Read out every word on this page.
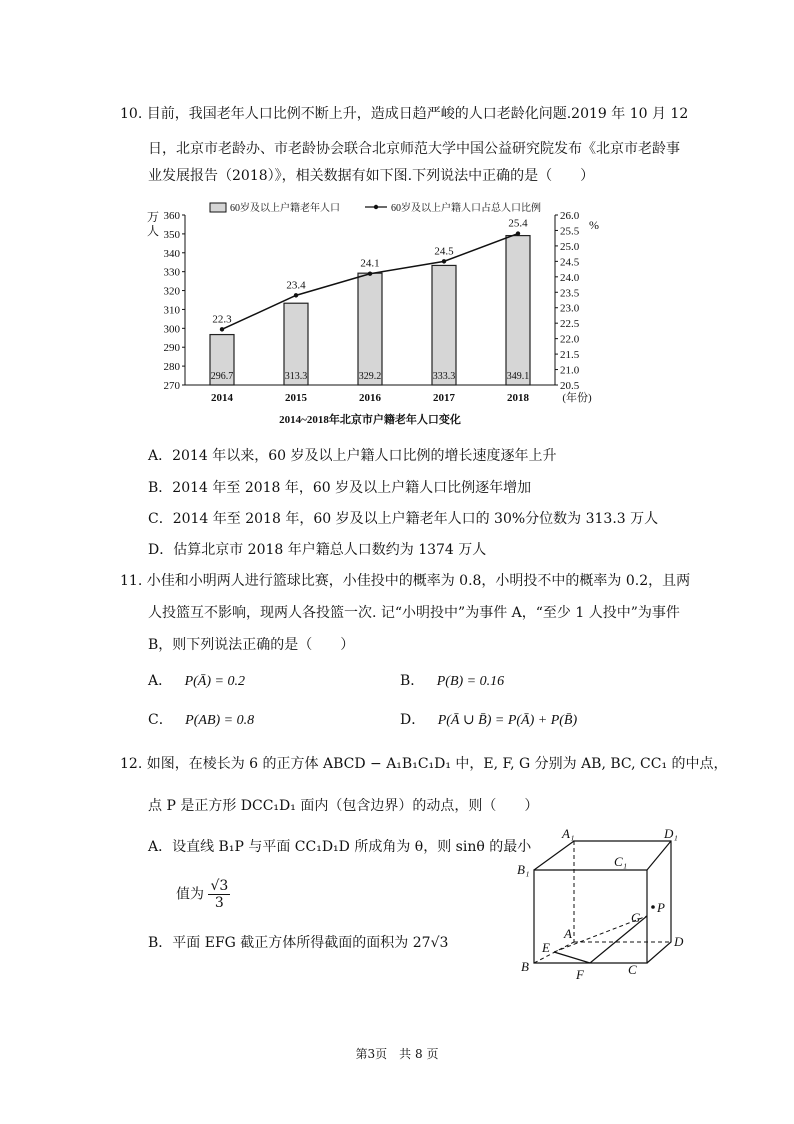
10. 目前，我国老年人口比例不断上升，造成日趋严峻的人口老龄化问题.2019 年 10 月 12
日，北京市老龄办、市老龄协会联合北京师范大学中国公益研究院发布《北京市老龄事
业发展报告（2018）》，相关数据有如下图.下列说法中正确的是（　　）
270
280
290
300
310
320
330
340
350
360
20.5
21.0
21.5
22.0
22.5
23.0
23.5
24.0
24.5
25.0
25.5
26.0
万
人	%
296.7	313.3	329.2	333.3	349.1
22.3
23.4
24.1
24.5
25.4
2014	2015	2016	2017	2018	(年份)
60岁及以上户籍老年人口	60岁及以上户籍人口占总人口比例
2014~2018年北京市户籍老年人口变化
A．2014 年以来，60 岁及以上户籍人口比例的增长速度逐年上升
B．2014 年至 2018 年，60 岁及以上户籍人口比例逐年增加
C．2014 年至 2018 年，60 岁及以上户籍老年人口的 30%分位数为 313.3 万人
D．估算北京市 2018 年户籍总人口数约为 1374 万人
11. 小佳和小明两人进行篮球比赛，小佳投中的概率为 0.8，小明投不中的概率为 0.2，且两
人投篮互不影响，现两人各投篮一次. 记“小明投中”为事件 A，“至少 1 人投中”为事件
B，则下列说法正确的是（　　）
A． P(Ā) = 0.2	B． P(B) = 0.16
C． P(AB) = 0.8	D． P(Ā ∪ B̄) = P(Ā) + P(B̄)
12. 如图，在棱长为 6 的正方体 ABCD − A₁B₁C₁D₁ 中，E, F, G 分别为 AB, BC, CC₁ 的中点，
点 P 是正方形 DCC₁D₁ 面内（包含边界）的动点，则（　　）
A．设直线 B₁P 与平面 CC₁D₁D 所成角为 θ，则 sinθ 的最小
值为 $\frac{√3}{3}$
B．平面 EFG 截正方体所得截面的面积为 27√3
A₁	D₁
C₁
B₁
P
G
A
D
E
B
F	C
第3页　共 8 页
